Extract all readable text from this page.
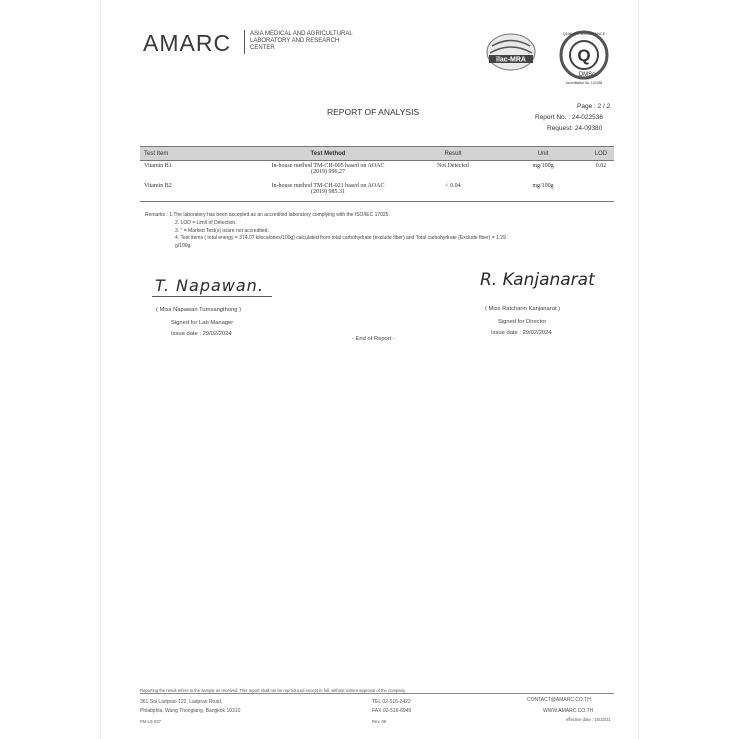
AMARC	ASIA MEDICAL AND AGRICULTURAL LABORATORY AND RESEARCH CENTER
ilac-MRA	Q
QUALITY ASSURANCE
DMSc
Accreditation No. 1124/58
REPORT OF ANALYSIS
Page : 2 / 2
Report No. : 24-022536
Request: 24-09380
Test Item	Test Method	Result	Unit	LOD
Vitamin B1	In-house method TM-CH-005 based on AOAC
(2019) 996.27	Not Detected	mg/100g	0.02
Vitamin B2	In-house method TM-CH-021 based on AOAC
(2019) 985.31	< 0.04	mg/100g	
Remarks : 1.The laboratory has been accepted as an accredited laboratory complying with the ISO/IEC 17025.
2. LOD = Limit of Detection.
3. " = Marked Test(s) is/are not accredited.
4. Test items ( total energy = 374.07 kilocalories/100g) calculated from total carbohydrate (exclude fiber) and Total carbohydrate (Exclude fiber) = 1.29
g/100g.
T. Napawan.
( Miss Napawan Tumsangthong )
Signed for Lab Manager
Issue date : 29/02/2024
R. Kanjanarat
( Miss Ratcharin Kanjanarat )
Signed for Director
Issue date : 29/02/2024
- End of Report -
Reporting the result refers to the sample as received. This report shall not be reproduced except in full, without written approval of the company.
361 Soi Ladprao 122, Ladprao Road,
Phlabphla, Wang Thonglang, Bangkok 10310
TEL 02-516-2422
FAX 02-516-6949
CONTACT@AMARC.CO.TH
WWW.AMARC.CO.TH
FM-LS-037	Rev. 06	effective date : 15/10/21
